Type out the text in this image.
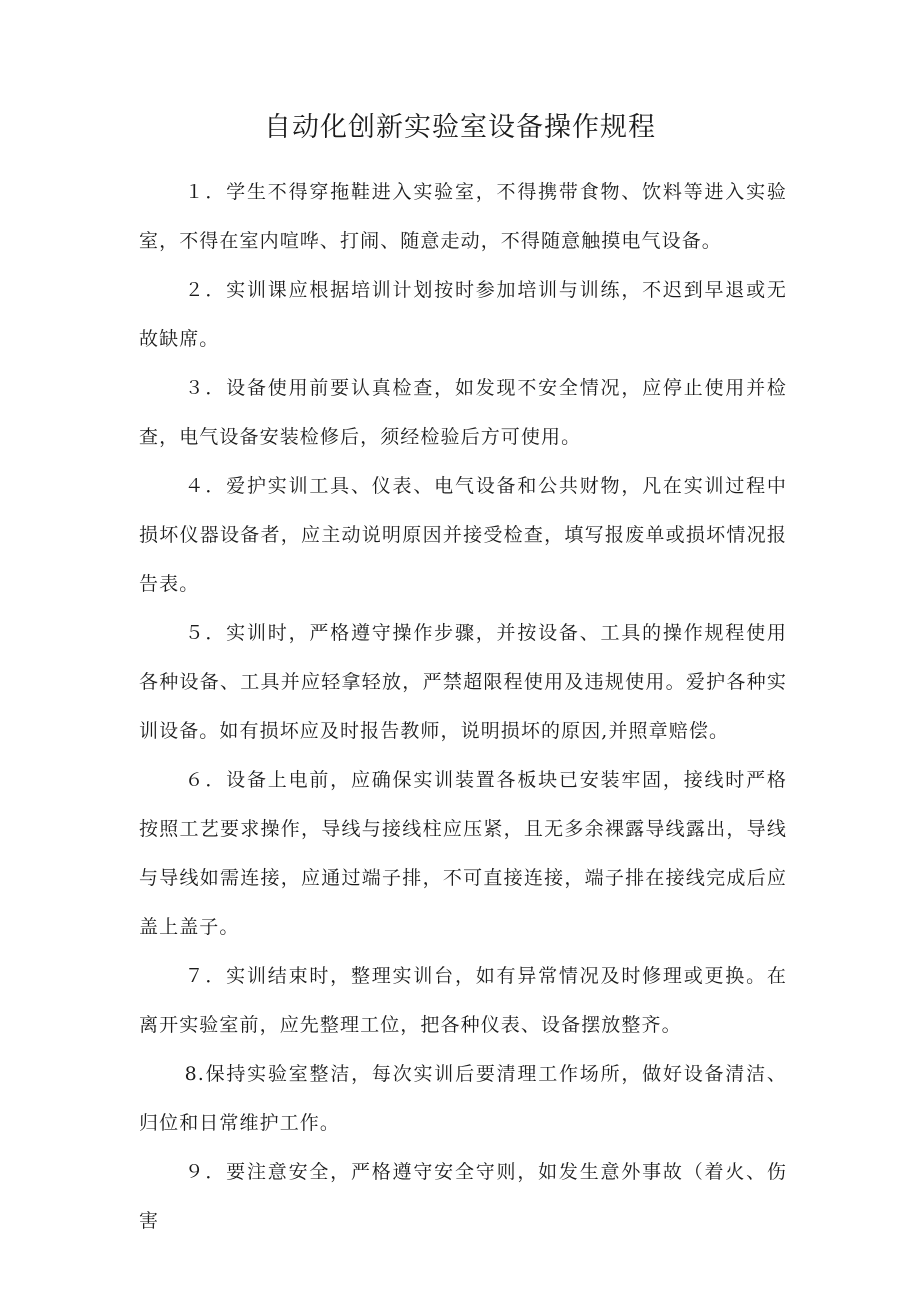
自动化创新实验室设备操作规程

１．学生不得穿拖鞋进入实验室，不得携带食物、饮料等进入实验室，不得在室内喧哗、打闹、随意走动，不得随意触摸电气设备。

２．实训课应根据培训计划按时参加培训与训练，不迟到早退或无故缺席。

３．设备使用前要认真检查，如发现不安全情况，应停止使用并检查，电气设备安装检修后，须经检验后方可使用。

４．爱护实训工具、仪表、电气设备和公共财物，凡在实训过程中损坏仪器设备者，应主动说明原因并接受检查，填写报废单或损坏情况报告表。

５．实训时，严格遵守操作步骤，并按设备、工具的操作规程使用各种设备、工具并应轻拿轻放，严禁超限程使用及违规使用。爱护各种实训设备。如有损坏应及时报告教师，说明损坏的原因,并照章赔偿。

６．设备上电前，应确保实训装置各板块已安装牢固，接线时严格按照工艺要求操作，导线与接线柱应压紧，且无多余裸露导线露出，导线与导线如需连接，应通过端子排，不可直接连接，端子排在接线完成后应盖上盖子。

７．实训结束时，整理实训台，如有异常情况及时修理或更换。在离开实验室前，应先整理工位，把各种仪表、设备摆放整齐。

8.保持实验室整洁，每次实训后要清理工作场所，做好设备清洁、归位和日常维护工作。

９．要注意安全，严格遵守安全守则，如发生意外事故（着火、伤害
